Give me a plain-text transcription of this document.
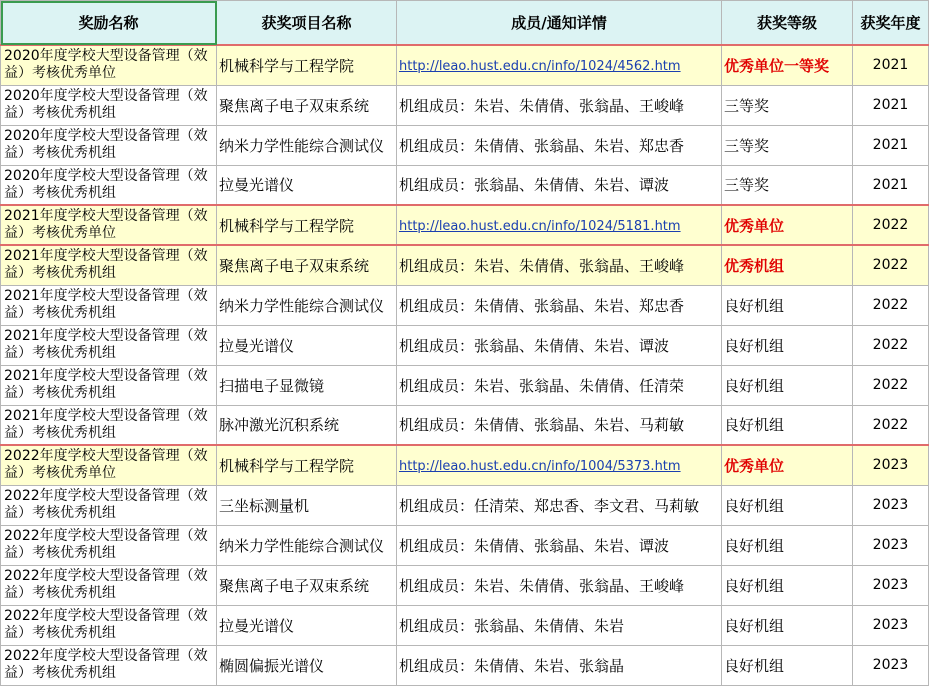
奖励名称	获奖项目名称	成员/通知详情	获奖等级	获奖年度
2020年度学校大型设备管理（效益）考核优秀单位	机械科学与工程学院	http://leao.hust.edu.cn/info/1024/4562.htm	优秀单位一等奖	2021
2020年度学校大型设备管理（效益）考核优秀机组	聚焦离子电子双束系统	机组成员：朱岩、朱倩倩、张翁晶、王峻峰	三等奖	2021
2020年度学校大型设备管理（效益）考核优秀机组	纳米力学性能综合测试仪	机组成员：朱倩倩、张翁晶、朱岩、郑忠香	三等奖	2021
2020年度学校大型设备管理（效益）考核优秀机组	拉曼光谱仪	机组成员：张翁晶、朱倩倩、朱岩、谭波	三等奖	2021
2021年度学校大型设备管理（效益）考核优秀单位	机械科学与工程学院	http://leao.hust.edu.cn/info/1024/5181.htm	优秀单位	2022
2021年度学校大型设备管理（效益）考核优秀机组	聚焦离子电子双束系统	机组成员：朱岩、朱倩倩、张翁晶、王峻峰	优秀机组	2022
2021年度学校大型设备管理（效益）考核优秀机组	纳米力学性能综合测试仪	机组成员：朱倩倩、张翁晶、朱岩、郑忠香	良好机组	2022
2021年度学校大型设备管理（效益）考核优秀机组	拉曼光谱仪	机组成员：张翁晶、朱倩倩、朱岩、谭波	良好机组	2022
2021年度学校大型设备管理（效益）考核优秀机组	扫描电子显微镜	机组成员：朱岩、张翁晶、朱倩倩、任清荣	良好机组	2022
2021年度学校大型设备管理（效益）考核优秀机组	脉冲激光沉积系统	机组成员：朱倩倩、张翁晶、朱岩、马莉敏	良好机组	2022
2022年度学校大型设备管理（效益）考核优秀单位	机械科学与工程学院	http://leao.hust.edu.cn/info/1004/5373.htm	优秀单位	2023
2022年度学校大型设备管理（效益）考核优秀机组	三坐标测量机	机组成员：任清荣、郑忠香、李文君、马莉敏	良好机组	2023
2022年度学校大型设备管理（效益）考核优秀机组	纳米力学性能综合测试仪	机组成员：朱倩倩、张翁晶、朱岩、谭波	良好机组	2023
2022年度学校大型设备管理（效益）考核优秀机组	聚焦离子电子双束系统	机组成员：朱岩、朱倩倩、张翁晶、王峻峰	良好机组	2023
2022年度学校大型设备管理（效益）考核优秀机组	拉曼光谱仪	机组成员：张翁晶、朱倩倩、朱岩	良好机组	2023
2022年度学校大型设备管理（效益）考核优秀机组	椭圆偏振光谱仪	机组成员：朱倩倩、朱岩、张翁晶	良好机组	2023
